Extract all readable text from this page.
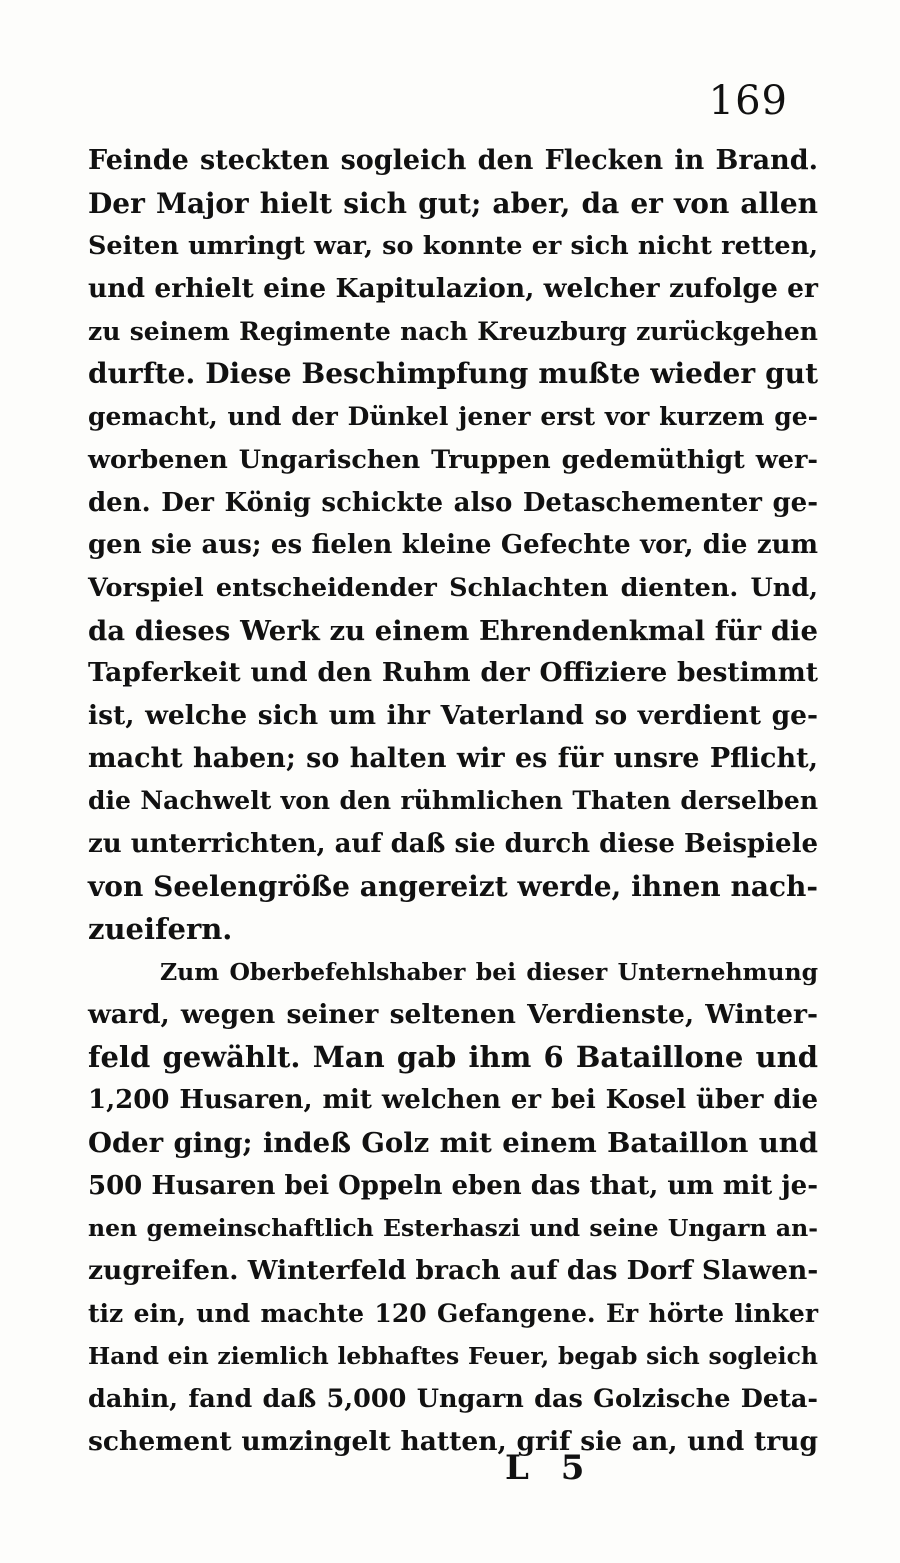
169
Feinde steckten sogleich den Flecken in Brand.
Der Major hielt sich gut; aber, da er von allen
Seiten umringt war, so konnte er sich nicht retten,
und erhielt eine Kapitulazion, welcher zufolge er
zu seinem Regimente nach Kreuzburg zurückgehen
durfte. Diese Beschimpfung mußte wieder gut
gemacht, und der Dünkel jener erst vor kurzem ge-
worbenen Ungarischen Truppen gedemüthigt wer-
den. Der König schickte also Detaschementer ge-
gen sie aus; es fielen kleine Gefechte vor, die zum
Vorspiel entscheidender Schlachten dienten. Und,
da dieses Werk zu einem Ehrendenkmal für die
Tapferkeit und den Ruhm der Offiziere bestimmt
ist, welche sich um ihr Vaterland so verdient ge-
macht haben; so halten wir es für unsre Pflicht,
die Nachwelt von den rühmlichen Thaten derselben
zu unterrichten, auf daß sie durch diese Beispiele
von Seelengröße angereizt werde, ihnen nach-
zueifern.
Zum Oberbefehlshaber bei dieser Unternehmung
ward, wegen seiner seltenen Verdienste, Winter-
feld gewählt. Man gab ihm 6 Bataillone und
1,200 Husaren, mit welchen er bei Kosel über die
Oder ging; indeß Golz mit einem Bataillon und
500 Husaren bei Oppeln eben das that, um mit je-
nen gemeinschaftlich Esterhaszi und seine Ungarn an-
zugreifen. Winterfeld brach auf das Dorf Slawen-
tiz ein, und machte 120 Gefangene. Er hörte linker
Hand ein ziemlich lebhaftes Feuer, begab sich sogleich
dahin, fand daß 5,000 Ungarn das Golzische Deta-
schement umzingelt hatten, grif sie an, und trug
L 5
